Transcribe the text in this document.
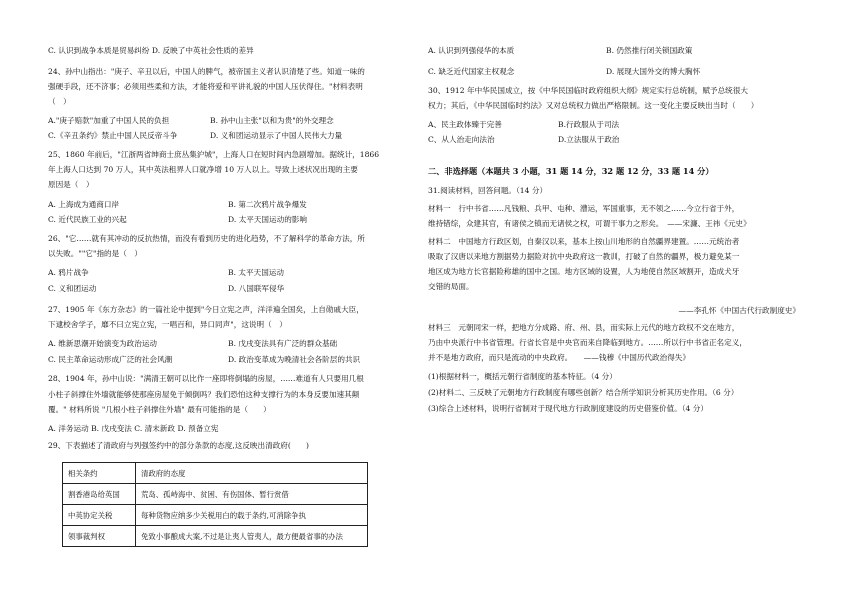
C. 认识到战争本质是贸易纠纷 D. 反映了中英社会性质的差异
24、孙中山指出："庚子、辛丑以后，中国人的脾气，被帝国主义者认识清楚了些。知道一味的
强硬手段，还不济事；必须用些柔和方法，才能将爱和平讲礼貌的中国人压伏得住。"材料表明
（　）
A."庚子赔款"加重了中国人民的负担	B. 孙中山主张"以和为贵"的外交理念
C.《辛丑条约》禁止中国人民反帝斗争	D. 义和团运动显示了中国人民伟大力量
25、1860 年前后，"江浙两省绅商士庶丛集沪城"，上海人口在短时间内急剧增加。据统计，1866
年上海人口达到 70 万人，其中英法租界人口就净增 10 万人以上。导致上述状况出现的主要
原因是（　）
A. 上海成为通商口岸	B. 第二次鸦片战争爆发
C. 近代民族工业的兴起	D. 太平天国运动的影响
26、"它……就有其冲动的反抗热情，而没有看到历史的进化趋势，不了解科学的革命方法，所
以失败。""它"指的是（　）
A. 鸦片战争	B. 太平天国运动
C. 义和团运动	D. 八国联军侵华
27、1905 年《东方杂志》的一篇社论中提到"今日立宪之声，洋洋遍全国矣，上自勋戚大臣，
下逮校舍学子，靡不曰立宪立宪，一唱百和，异口同声"，这说明（　）
A. 维新思潮开始演变为政治运动	B. 戊戌变法具有广泛的群众基础
C. 民主革命运动形成广泛的社会风潮	D. 政治变革成为晚清社会各阶层的共识
28、1904 年，孙中山说："满清王朝可以比作一座即将倒塌的房屋，……难道有人只要用几根
小柱子斜撑住外墙就能够使那座房屋免于倾倒吗？我们恐怕这种支撑行为的本身反要加速其颠
覆。" 材料所说 "几根小柱子斜撑住外墙" 最有可能指的是（　　）
A. 洋务运动 B. 戊戌变法 C. 清末新政 D. 预备立宪
29、下表描述了清政府与列强签约中的部分条款的态度,这反映出清政府(　　)
相关条约	清政府的态度
割香港岛给英国	荒岛、孤峙海中、贫困、有伤国体、暂行赏借
中英协定关税	每种货物应纳多少关税用白的载于条约,可消除争执
领事裁判权	免致小事酿成大案,不过是让夷人管夷人，最方便最省事的办法
A. 认识到列强侵华的本质	B. 仍然推行闭关锁国政策
C. 缺乏近代国家主权观念	D. 展现大国外交的博大胸怀
30、1912 年中华民国成立，按《中华民国临时政府组织大纲》规定实行总统制，赋予总统很大
权力；其后，《中华民国临时约法》又对总统权力做出严格限制。这一变化主要反映出当时（　　）
A、民主政体臻于完善	B.行政服从于司法
C、从人治走向法治	D.立法服从于政治
二、非选择题（本题共 3 小题，31 题 14 分，32 题 12 分，33 题 14 分）
31.阅读材料，回答问题。（14 分）
材料一　行中书省……凡钱粮、兵甲、屯种、漕运，军国重事，无不领之……今立行省于外，
维持错综，众建其官，有诸侯之镇而无诸侯之权，可谓干事力之形矣。　——宋濂、王祎《元史》
材料二　中国地方行政区划，自秦汉以来，基本上按山川地形的自然疆界建置。……元统治者
吸取了汉唐以来地方割据势力据险对抗中央政府这一教训，打破了自然的疆界，极力避免某一
地区成为地方长官据险称雄的国中之国。地方区域的设置，人为地使自然区域割开，造成犬牙
交错的局面。
——李孔怀《中国古代行政制度史》
材料三　元朝同宋一样，把地方分成路、府、州、县，而实际上元代的地方政权不交在地方，
乃由中央派行中书省管理。行省长官是中央官而来自降临到地方。……所以行中书省正名定义，
并不是地方政府，而只是流动的中央政府。　　——钱穆《中国历代政治得失》
(1)根据材料一，概括元朝行省制度的基本特征。（4 分）
(2)材料二、三反映了元朝地方行政制度有哪些创新？结合所学知识分析其历史作用。（6 分）
(3)综合上述材料，说明行省制对于现代地方行政制度建设的历史借鉴价值。（4 分）
